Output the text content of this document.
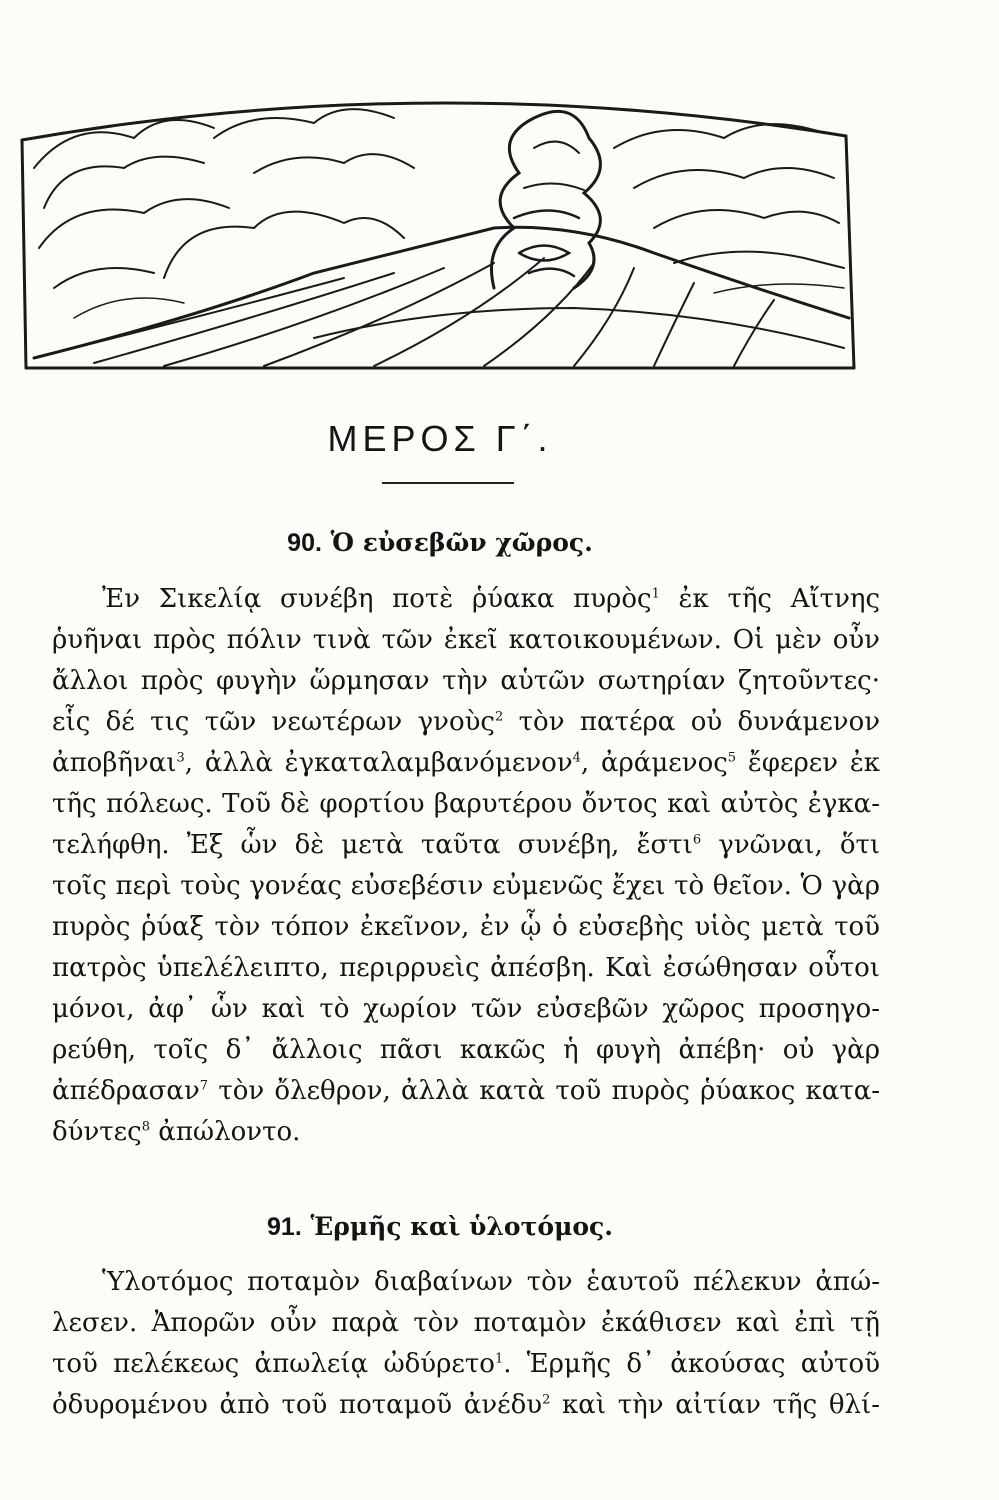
ΜΕΡΟΣ Γ΄.
90. Ὁ εὐσεβῶν χῶρος.
Ἐν Σικελίᾳ συνέβη ποτὲ ῥύακα πυρὸς$^1$ ἐκ τῆς Αἴτνης
ῥυῆναι πρὸς πόλιν τινὰ τῶν ἐκεῖ κατοικουμένων. Οἱ μὲν οὖν
ἄλλοι πρὸς φυγὴν ὥρμησαν τὴν αὑτῶν σωτηρίαν ζητοῦντες·
εἷς δέ τις τῶν νεωτέρων γνοὺς$^2$ τὸν πατέρα οὐ δυνάμενον
ἀποβῆναι$^3$, ἀλλὰ ἐγκαταλαμβανόμενον$^4$, ἀράμενος$^5$ ἔφερεν ἐκ
τῆς πόλεως. Τοῦ δὲ φορτίου βαρυτέρου ὄντος καὶ αὐτὸς ἐγκα-
τελήφθη. Ἐξ ὧν δὲ μετὰ ταῦτα συνέβη, ἔστι$^6$ γνῶναι, ὅτι
τοῖς περὶ τοὺς γονέας εὐσεβέσιν εὐμενῶς ἔχει τὸ θεῖον. Ὁ γὰρ
πυρὸς ῥύαξ τὸν τόπον ἐκεῖνον, ἐν ᾧ ὁ εὐσεβὴς υἱὸς μετὰ τοῦ
πατρὸς ὑπελέλειπτο, περιρρυεὶς ἀπέσβη. Καὶ ἐσώθησαν οὗτοι
μόνοι, ἀφ᾽ ὧν καὶ τὸ χωρίον τῶν εὐσεβῶν χῶρος προσηγο-
ρεύθη, τοῖς δ᾽ ἄλλοις πᾶσι κακῶς ἡ φυγὴ ἀπέβη· οὐ γὰρ
ἀπέδρασαν$^7$ τὸν ὄλεθρον, ἀλλὰ κατὰ τοῦ πυρὸς ῥύακος κατα-
δύντες$^8$ ἀπώλοντο.
91. Ἑρμῆς καὶ ὑλοτόμος.
Ὑλοτόμος ποταμὸν διαβαίνων τὸν ἑαυτοῦ πέλεκυν ἀπώ-
λεσεν. Ἀπορῶν οὖν παρὰ τὸν ποταμὸν ἐκάθισεν καὶ ἐπὶ τῇ
τοῦ πελέκεως ἀπωλείᾳ ὠδύρετο$^1$. Ἑρμῆς δ᾽ ἀκούσας αὐτοῦ
ὀδυρομένου ἀπὸ τοῦ ποταμοῦ ἀνέδυ$^2$ καὶ τὴν αἰτίαν τῆς θλί-
